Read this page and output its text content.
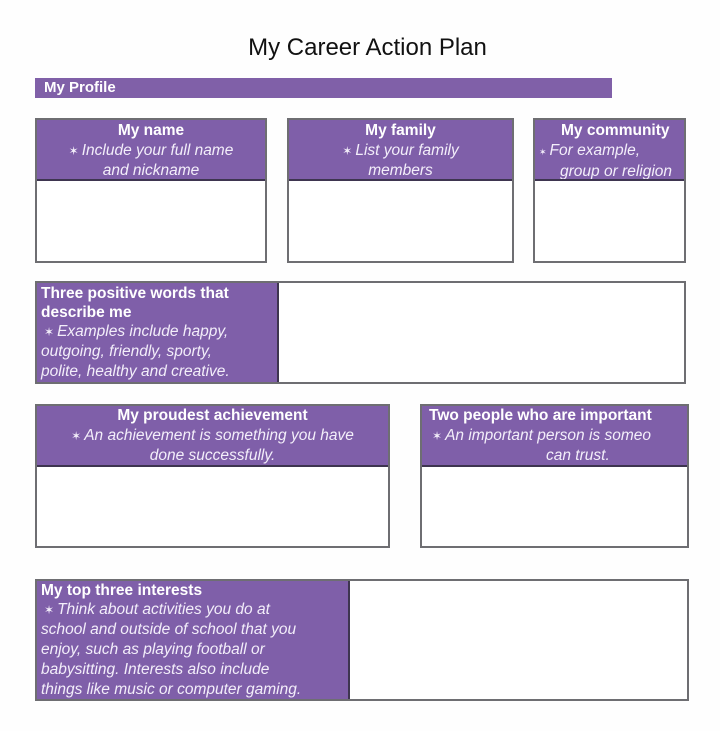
My Career Action Plan
My Profile
My name
✶ Include your full name
and nickname
My family
✶ List your family
members
My community
✶ For example,
group or religion
Three positive words that
describe me
✶ Examples include happy,
outgoing, friendly, sporty,
polite, healthy and creative.
My proudest achievement
✶ An achievement is something you have
done successfully.
Two people who are important
✶ An important person is someo
can trust.
My top three interests
✶ Think about activities you do at
school and outside of school that you
enjoy, such as playing football or
babysitting. Interests also include
things like music or computer gaming.
